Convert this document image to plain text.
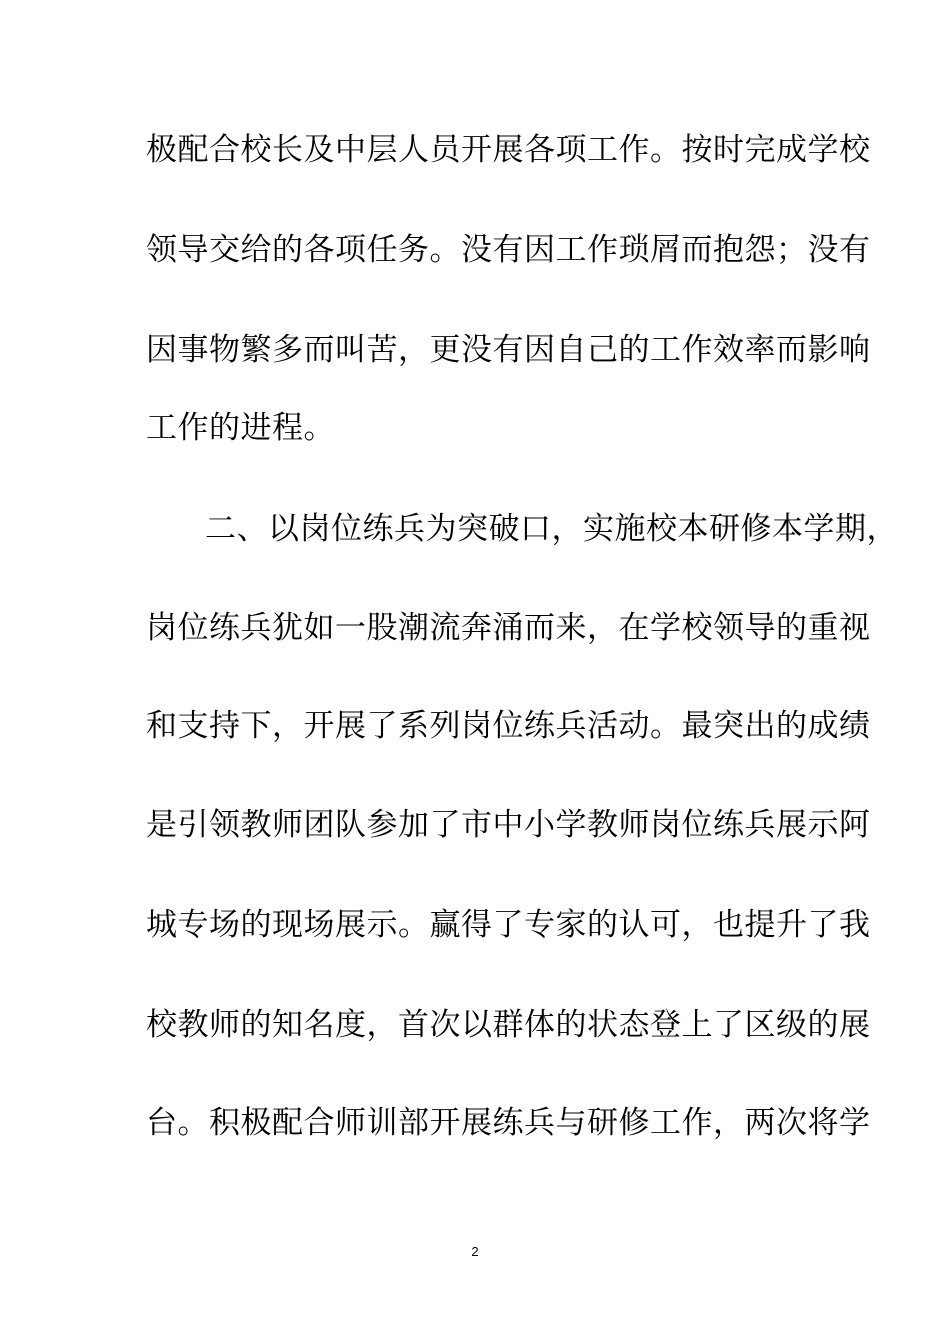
极配合校长及中层人员开展各项工作。按时完成学校
领导交给的各项任务。没有因工作琐屑而抱怨；没有
因事物繁多而叫苦，更没有因自己的工作效率而影响
工作的进程。
二、以岗位练兵为突破口，实施校本研修本学期，
岗位练兵犹如一股潮流奔涌而来，在学校领导的重视
和支持下，开展了系列岗位练兵活动。最突出的成绩
是引领教师团队参加了市中小学教师岗位练兵展示阿
城专场的现场展示。赢得了专家的认可，也提升了我
校教师的知名度，首次以群体的状态登上了区级的展
台。积极配合师训部开展练兵与研修工作，两次将学
2
